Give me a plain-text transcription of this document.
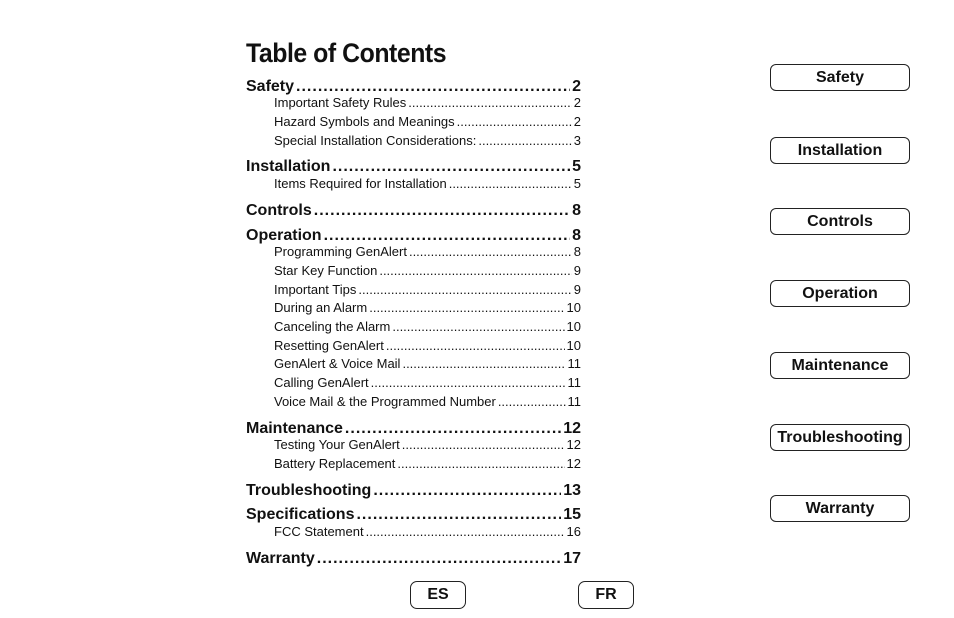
Table of Contents
Safety .....	2
Important Safety Rules .....	2
Hazard Symbols and Meanings .....	2
Special Installation Considerations: .....	3
Installation .....	5
Items Required for Installation .....	5
Controls .....	8
Operation .....	8
Programming GenAlert .....	8
Star Key Function .....	9
Important Tips .....	9
During an Alarm .....	10
Canceling the Alarm .....	10
Resetting GenAlert .....	10
GenAlert & Voice Mail .....	11
Calling GenAlert .....	11
Voice Mail & the Programmed Number .....	11
Maintenance .....	12
Testing Your GenAlert .....	12
Battery Replacement .....	12
Troubleshooting .....	13
Specifications .....	15
FCC Statement .....	16
Warranty .....	17
Safety
Installation
Controls
Operation
Maintenance
Troubleshooting
Warranty
ES	FR
